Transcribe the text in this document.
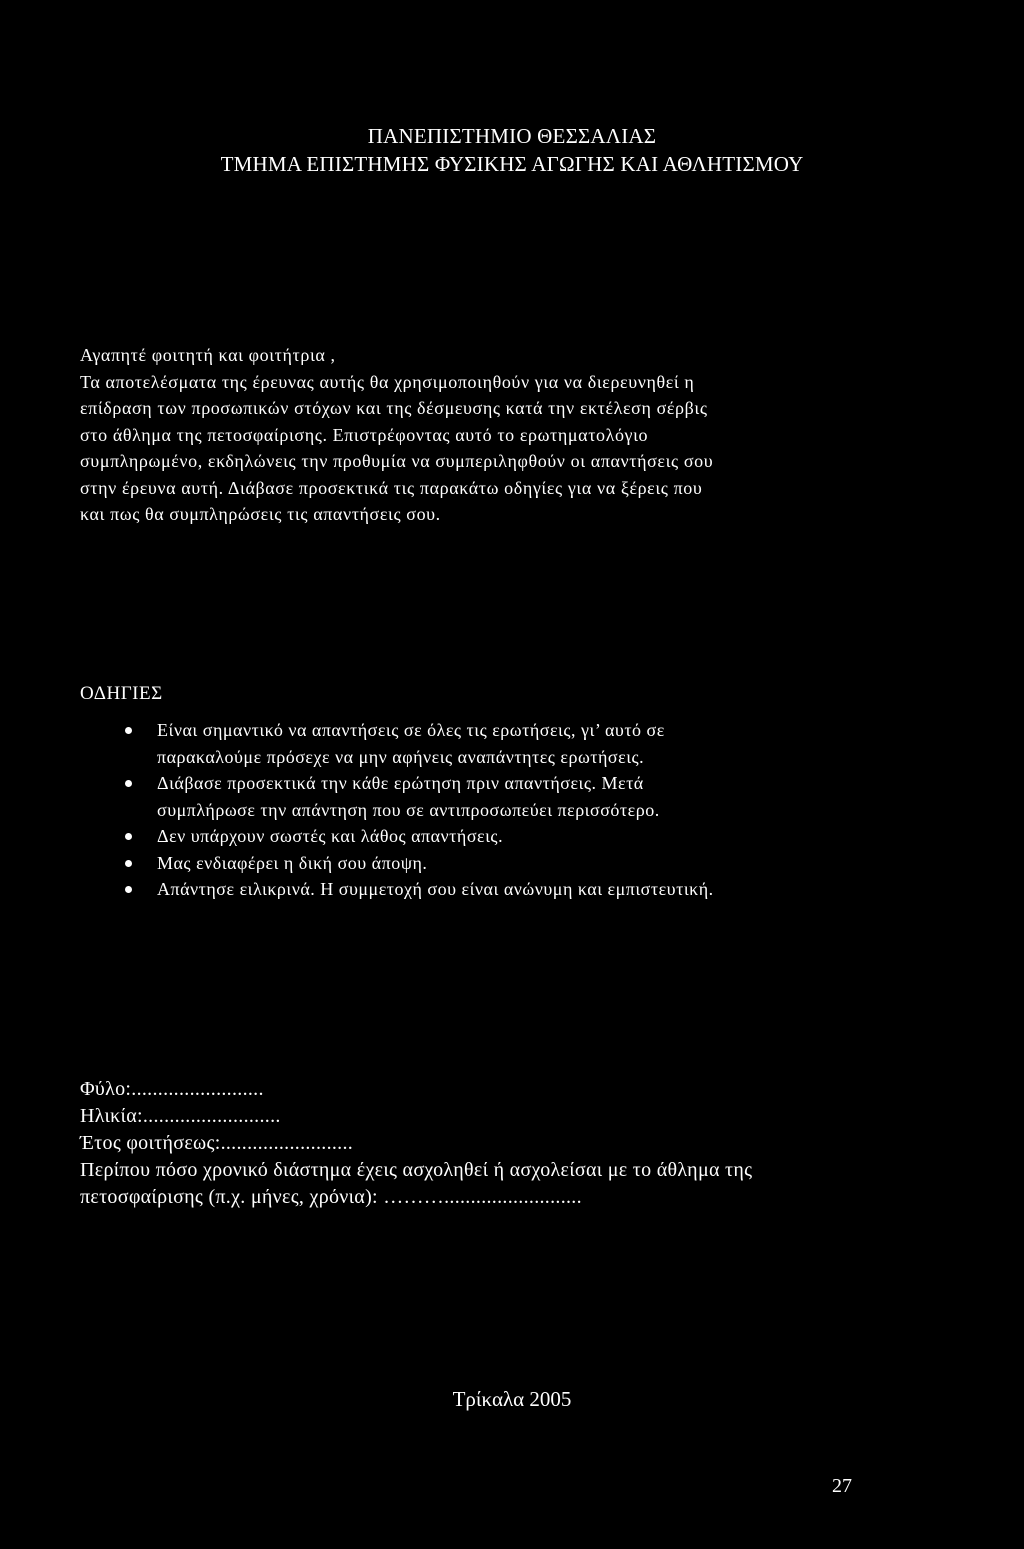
ΠΑΝΕΠΙΣΤΗΜΙΟ ΘΕΣΣΑΛΙΑΣ
ΤΜΗΜΑ ΕΠΙΣΤΗΜΗΣ ΦΥΣΙΚΗΣ ΑΓΩΓΗΣ ΚΑΙ ΑΘΛΗΤΙΣΜΟΥ
Αγαπητέ φοιτητή και φοιτήτρια ,
Τα αποτελέσματα της έρευνας αυτής θα χρησιμοποιηθούν για να διερευνηθεί η
επίδραση των προσωπικών στόχων και της δέσμευσης κατά την εκτέλεση σέρβις
στο άθλημα της πετοσφαίρισης. Επιστρέφοντας αυτό το ερωτηματολόγιο
συμπληρωμένο, εκδηλώνεις την προθυμία να συμπεριληφθούν οι απαντήσεις σου
στην έρευνα αυτή. Διάβασε προσεκτικά τις παρακάτω οδηγίες για να ξέρεις που
και πως θα συμπληρώσεις τις απαντήσεις σου.
ΟΔΗΓΙΕΣ
Είναι σημαντικό να απαντήσεις σε όλες τις ερωτήσεις, γι’ αυτό σε
παρακαλούμε πρόσεχε να μην αφήνεις αναπάντητες ερωτήσεις.
Διάβασε προσεκτικά την κάθε ερώτηση πριν απαντήσεις. Μετά
συμπλήρωσε την απάντηση που σε αντιπροσωπεύει περισσότερο.
Δεν υπάρχουν σωστές και λάθος απαντήσεις.
Μας ενδιαφέρει η δική σου άποψη.
Απάντησε ειλικρινά. Η συμμετοχή σου είναι ανώνυμη και εμπιστευτική.
Φύλο:.........................
Ηλικία:..........................
Έτος φοιτήσεως:.........................
Περίπου πόσο χρονικό διάστημα έχεις ασχοληθεί ή ασχολείσαι με το άθλημα της
πετοσφαίρισης (π.χ. μήνες, χρόνια): ………..........................
Τρίκαλα 2005
27
